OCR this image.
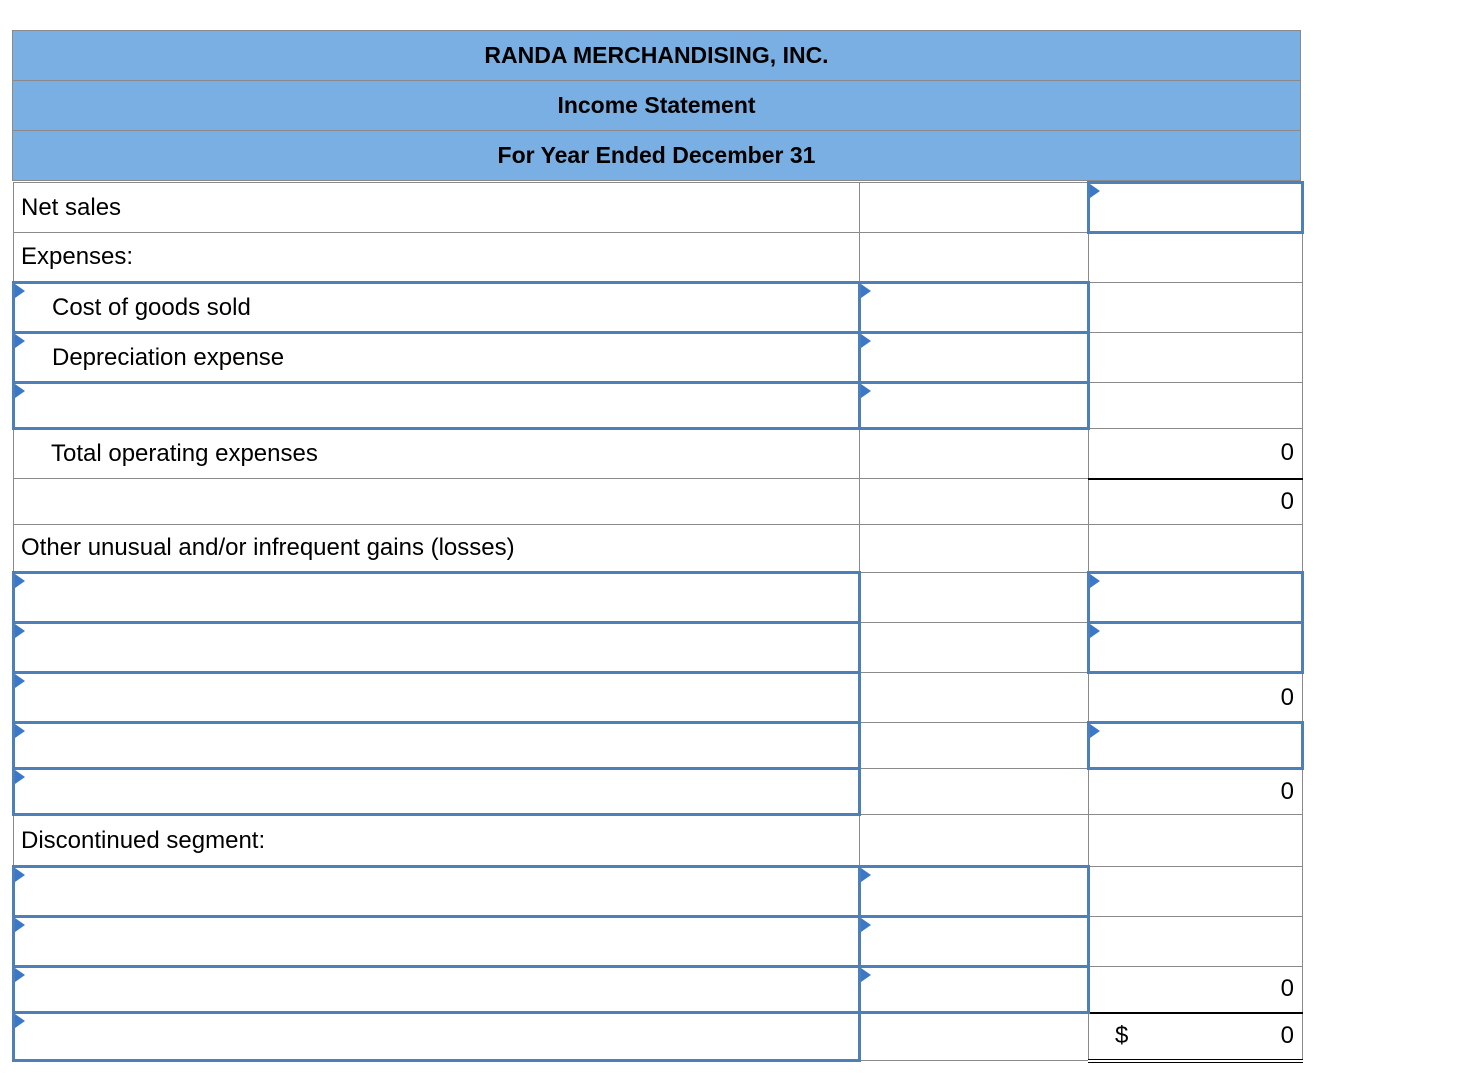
RANDA MERCHANDISING, INC.
Income Statement
For Year Ended December 31
Net sales		
Expenses:		
Cost of goods sold		
Depreciation expense		

Total operating expenses		0
		0
Other unusual and/or infrequent gains (losses)		

		0

		0
Discontinued segment:		

		0

$ 0
